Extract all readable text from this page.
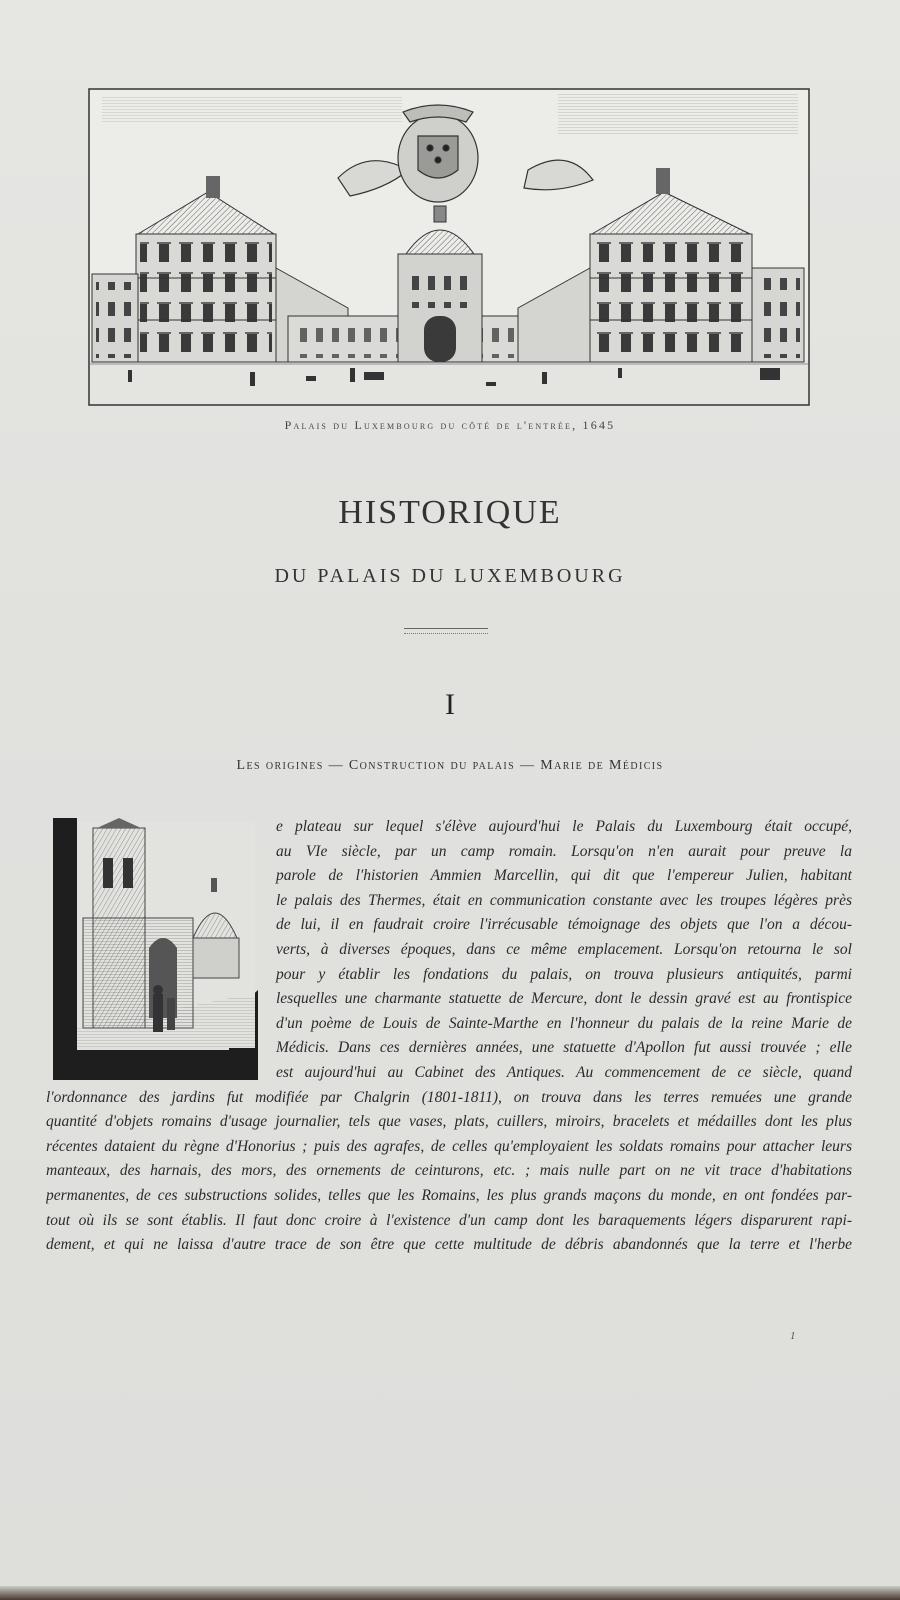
Palais du Luxembourg du côté de l'entrée, 1645
HISTORIQUE
DU PALAIS DU LUXEMBOURG
I
Les origines — Construction du palais — Marie de Médicis
e plateau sur lequel s'élève aujourd'hui le Palais du Luxembourg était occupé,
au VIe siècle, par un camp romain. Lorsqu'on n'en aurait pour preuve la
parole de l'historien Ammien Marcellin, qui dit que l'empereur Julien, habitant
le palais des Thermes, était en communication constante avec les troupes légères près
de lui, il en faudrait croire l'irrécusable témoignage des objets que l'on a décou-
verts, à diverses époques, dans ce même emplacement. Lorsqu'on retourna le sol
pour y établir les fondations du palais, on trouva plusieurs antiquités, parmi
lesquelles une charmante statuette de Mercure, dont le dessin gravé est au frontispice
d'un poème de Louis de Sainte-Marthe en l'honneur du palais de la reine Marie de
Médicis. Dans ces dernières années, une statuette d'Apollon fut aussi trouvée ; elle
est aujourd'hui au Cabinet des Antiques. Au commencement de ce siècle, quand
l'ordonnance des jardins fut modifiée par Chalgrin (1801-1811), on trouva dans les terres remuées une grande
quantité d'objets romains d'usage journalier, tels que vases, plats, cuillers, miroirs, bracelets et médailles dont les plus
récentes dataient du règne d'Honorius ; puis des agrafes, de celles qu'employaient les soldats romains pour attacher leurs
manteaux, des harnais, des mors, des ornements de ceinturons, etc. ; mais nulle part on ne vit trace d'habitations
permanentes, de ces substructions solides, telles que les Romains, les plus grands maçons du monde, en ont fondées par-
tout où ils se sont établis. Il faut donc croire à l'existence d'un camp dont les baraquements légers disparurent rapi-
dement, et qui ne laissa d'autre trace de son être que cette multitude de débris abandonnés que la terre et l'herbe
1
